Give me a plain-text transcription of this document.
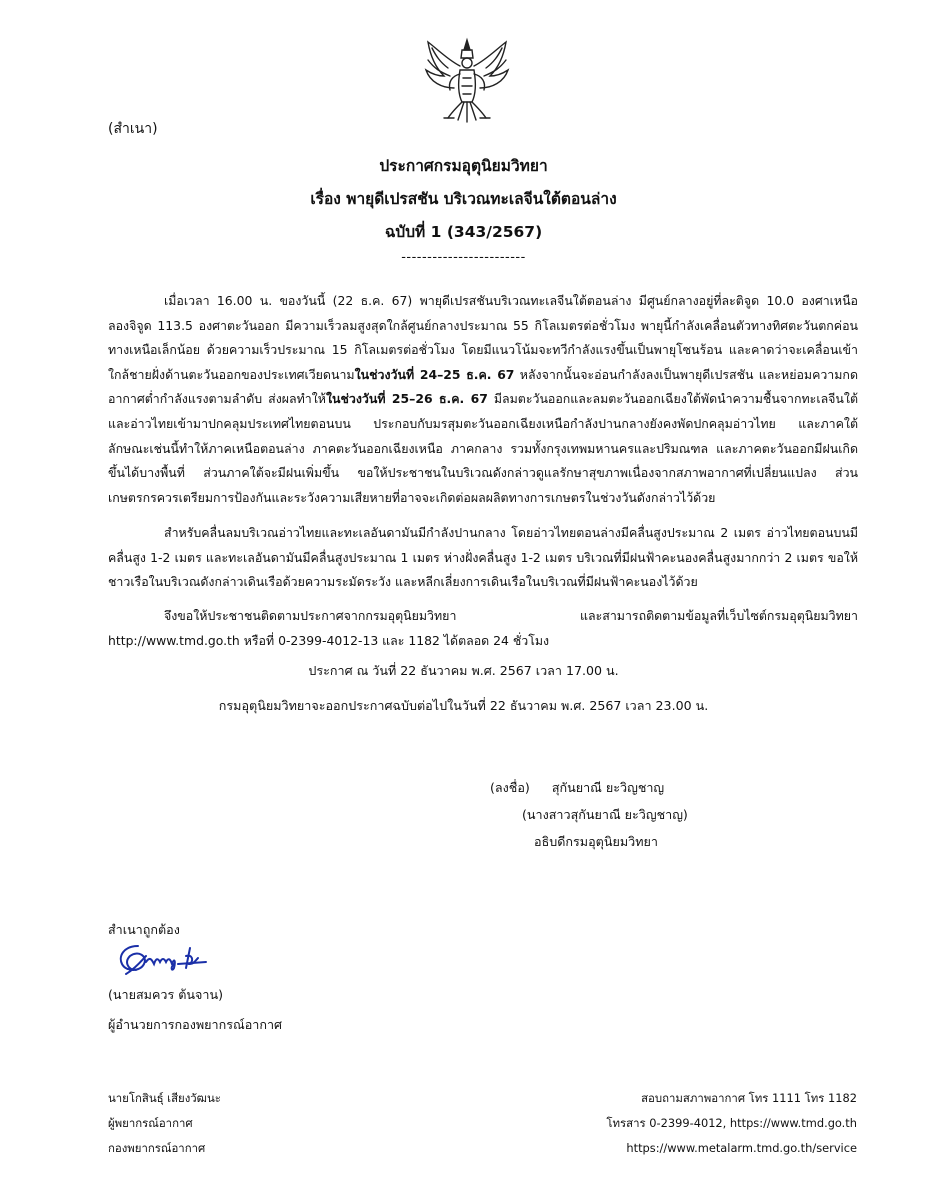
(สำเนา)
ประกาศกรมอุตุนิยมวิทยา
เรื่อง พายุดีเปรสชัน บริเวณทะเลจีนใต้ตอนล่าง
ฉบับที่ 1 (343/2567)
------------------------

เมื่อเวลา 16.00 น. ของวันนี้ (22 ธ.ค. 67) พายุดีเปรสชันบริเวณทะเลจีนใต้ตอนล่าง มีศูนย์กลางอยู่ที่ละติจูด 10.0 องศาเหนือ ลองจิจูด 113.5 องศาตะวันออก มีความเร็วลมสูงสุดใกล้ศูนย์กลางประมาณ 55 กิโลเมตรต่อชั่วโมง พายุนี้กำลังเคลื่อนตัวทางทิศตะวันตกค่อนทางเหนือเล็กน้อย ด้วยความเร็วประมาณ 15 กิโลเมตรต่อชั่วโมง โดยมีแนวโน้มจะทวีกำลังแรงขึ้นเป็นพายุโซนร้อน และคาดว่าจะเคลื่อนเข้าใกล้ชายฝั่งด้านตะวันออกของประเทศเวียดนามในช่วงวันที่ 24–25 ธ.ค. 67 หลังจากนั้นจะอ่อนกำลังลงเป็นพายุดีเปรสชัน และหย่อมความกดอากาศต่ำกำลังแรงตามลำดับ ส่งผลทำให้ในช่วงวันที่ 25–26 ธ.ค. 67 มีลมตะวันออกและลมตะวันออกเฉียงใต้พัดนำความชื้นจากทะเลจีนใต้และอ่าวไทยเข้ามาปกคลุมประเทศไทยตอนบน ประกอบกับมรสุมตะวันออกเฉียงเหนือกำลังปานกลางยังคงพัดปกคลุมอ่าวไทย และภาคใต้ ลักษณะเช่นนี้ทำให้ภาคเหนือตอนล่าง ภาคตะวันออกเฉียงเหนือ ภาคกลาง รวมทั้งกรุงเทพมหานครและปริมณฑล และภาคตะวันออกมีฝนเกิดขึ้นได้บางพื้นที่ ส่วนภาคใต้จะมีฝนเพิ่มขึ้น ขอให้ประชาชนในบริเวณดังกล่าวดูแลรักษาสุขภาพเนื่องจากสภาพอากาศที่เปลี่ยนแปลง ส่วนเกษตรกรควรเตรียมการป้องกันและระวังความเสียหายที่อาจจะเกิดต่อผลผลิตทางการเกษตรในช่วงวันดังกล่าวไว้ด้วย

สำหรับคลื่นลมบริเวณอ่าวไทยและทะเลอันดามันมีกำลังปานกลาง โดยอ่าวไทยตอนล่างมีคลื่นสูงประมาณ 2 เมตร อ่าวไทยตอนบนมีคลื่นสูง 1-2 เมตร และทะเลอันดามันมีคลื่นสูงประมาณ 1 เมตร ห่างฝั่งคลื่นสูง 1-2 เมตร บริเวณที่มีฝนฟ้าคะนองคลื่นสูงมากกว่า 2 เมตร ขอให้ชาวเรือในบริเวณดังกล่าวเดินเรือด้วยความระมัดระวัง และหลีกเลี่ยงการเดินเรือในบริเวณที่มีฝนฟ้าคะนองไว้ด้วย

จึงขอให้ประชาชนติดตามประกาศจากกรมอุตุนิยมวิทยา และสามารถติดตามข้อมูลที่เว็บไซต์กรมอุตุนิยมวิทยา http://www.tmd.go.th หรือที่ 0-2399-4012-13 และ 1182 ได้ตลอด 24 ชั่วโมง

ประกาศ ณ วันที่ 22 ธันวาคม พ.ศ. 2567 เวลา 17.00 น.
กรมอุตุนิยมวิทยาจะออกประกาศฉบับต่อไปในวันที่ 22 ธันวาคม พ.ศ. 2567 เวลา 23.00 น.
(ลงชื่อ) สุกันยาณี ยะวิญชาญ
(นางสาวสุกันยาณี ยะวิญชาญ)
อธิบดีกรมอุตุนิยมวิทยา
สำเนาถูกต้อง
(นายสมควร ต้นจาน)
ผู้อำนวยการกองพยากรณ์อากาศ
นายโกสินธุ์ เสียงวัฒนะ
ผู้พยากรณ์อากาศ
กองพยากรณ์อากาศ
สอบถามสภาพอากาศ โทร 1111 โทร 1182
โทรสาร 0-2399-4012, https://www.tmd.go.th
https://www.metalarm.tmd.go.th/service
